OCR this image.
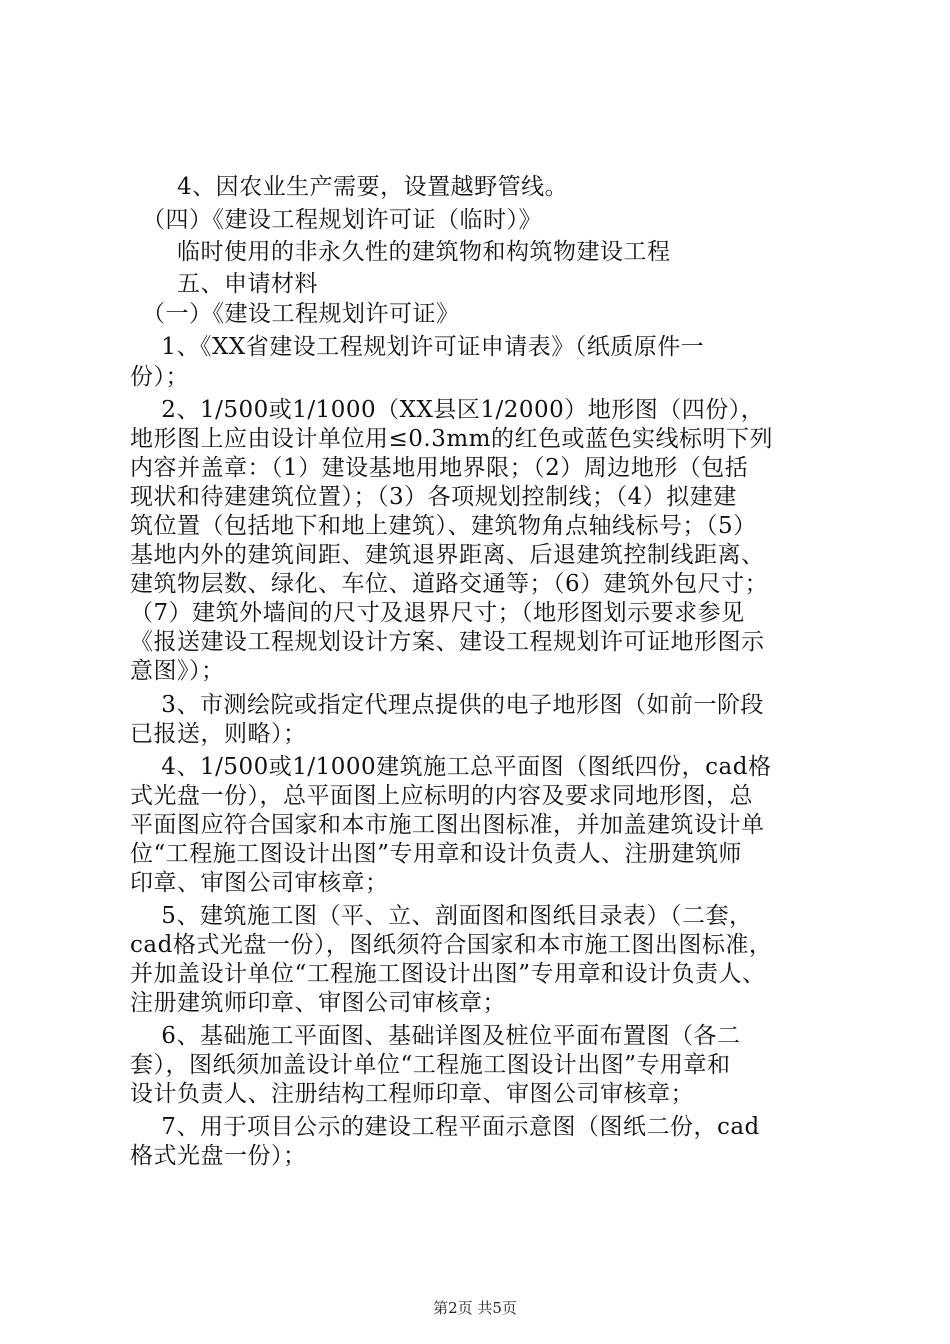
　　4、因农业生产需要，设置越野管线。
　（四）《建设工程规划许可证（临时）》
　　临时使用的非永久性的建筑物和构筑物建设工程
　　五、申请材料
　（一）《建设工程规划许可证》
　 1、《XX省建设工程规划许可证申请表》（纸质原件一
份）；
　 2、1/500或1/1000（XX县区1/2000）地形图（四份），
地形图上应由设计单位用≤0.3mm的红色或蓝色实线标明下列
内容并盖章：（1）建设基地用地界限；（2）周边地形（包括
现状和待建建筑位置）；（3）各项规划控制线；（4）拟建建
筑位置（包括地下和地上建筑）、建筑物角点轴线标号；（5）
基地内外的建筑间距、建筑退界距离、后退建筑控制线距离、
建筑物层数、绿化、车位、道路交通等；（6）建筑外包尺寸；
（7）建筑外墙间的尺寸及退界尺寸；（地形图划示要求参见
《报送建设工程规划设计方案、建设工程规划许可证地形图示
意图》）；
　 3、市测绘院或指定代理点提供的电子地形图（如前一阶段
已报送，则略）；
　 4、1/500或1/1000建筑施工总平面图（图纸四份，cad格
式光盘一份），总平面图上应标明的内容及要求同地形图，总
平面图应符合国家和本市施工图出图标准，并加盖建筑设计单
位“工程施工图设计出图”专用章和设计负责人、注册建筑师
印章、审图公司审核章；
　 5、建筑施工图（平、立、剖面图和图纸目录表）（二套，
cad格式光盘一份），图纸须符合国家和本市施工图出图标准，
并加盖设计单位“工程施工图设计出图”专用章和设计负责人、
注册建筑师印章、审图公司审核章；
　 6、基础施工平面图、基础详图及桩位平面布置图（各二
套），图纸须加盖设计单位“工程施工图设计出图”专用章和
设计负责人、注册结构工程师印章、审图公司审核章；
　 7、用于项目公示的建设工程平面示意图（图纸二份，cad
格式光盘一份）；
第2页 共5页
